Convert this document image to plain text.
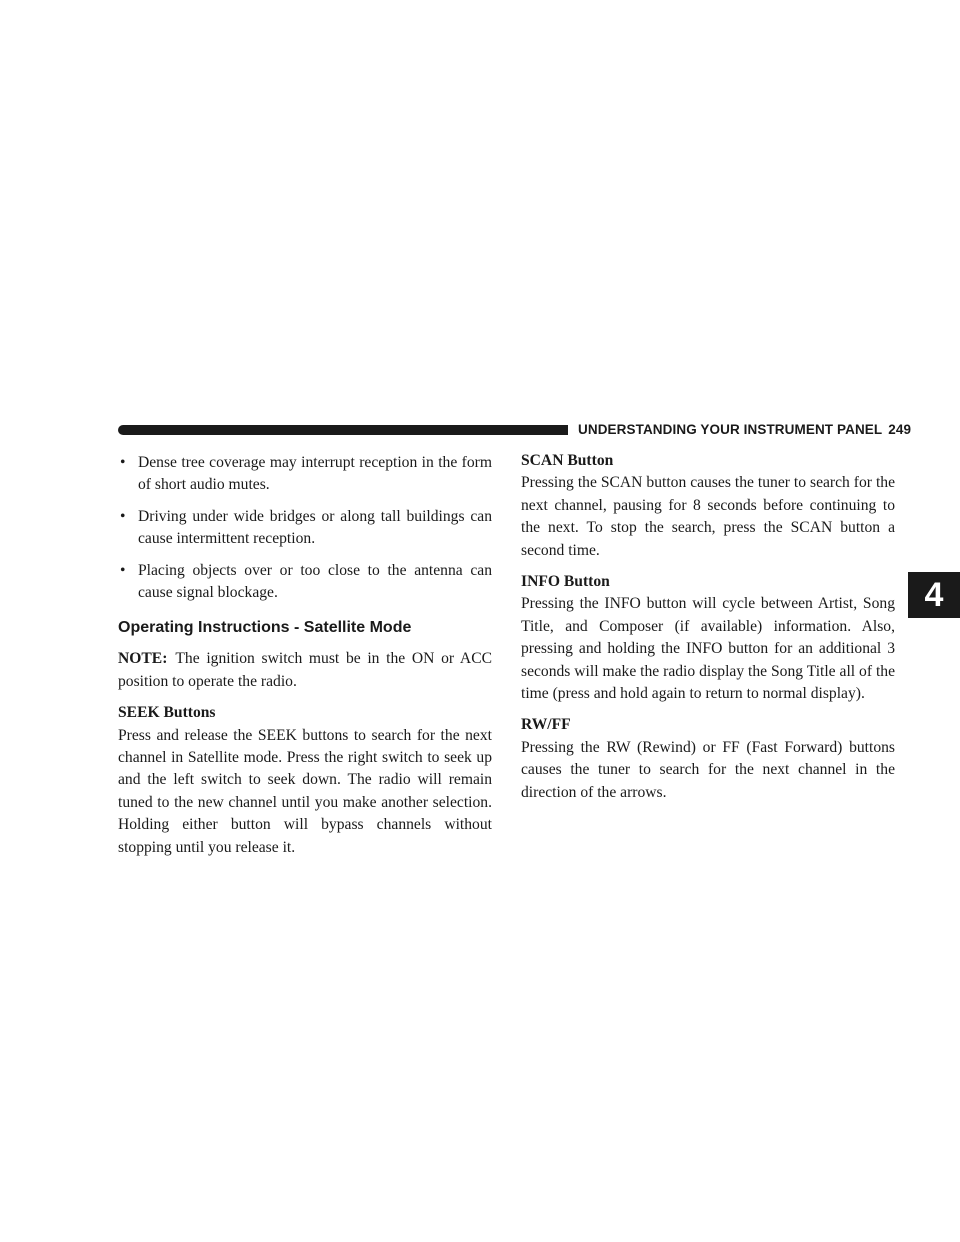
UNDERSTANDING YOUR INSTRUMENT PANEL 249
4
• Dense tree coverage may interrupt reception in the form of short audio mutes.
• Driving under wide bridges or along tall buildings can cause intermittent reception.
• Placing objects over or too close to the antenna can cause signal blockage.
Operating Instructions - Satellite Mode

NOTE: The ignition switch must be in the ON or ACC position to operate the radio.

SEEK Buttons

Press and release the SEEK buttons to search for the next channel in Satellite mode. Press the right switch to seek up and the left switch to seek down. The radio will remain tuned to the new channel until you make another selection. Holding either button will bypass channels without stopping until you release it.

SCAN Button

Pressing the SCAN button causes the tuner to search for the next channel, pausing for 8 seconds before continuing to the next. To stop the search, press the SCAN button a second time.

INFO Button

Pressing the INFO button will cycle between Artist, Song Title, and Composer (if available) information. Also, pressing and holding the INFO button for an additional 3 seconds will make the radio display the Song Title all of the time (press and hold again to return to normal display).

RW/FF

Pressing the RW (Rewind) or FF (Fast Forward) buttons causes the tuner to search for the next channel in the direction of the arrows.
